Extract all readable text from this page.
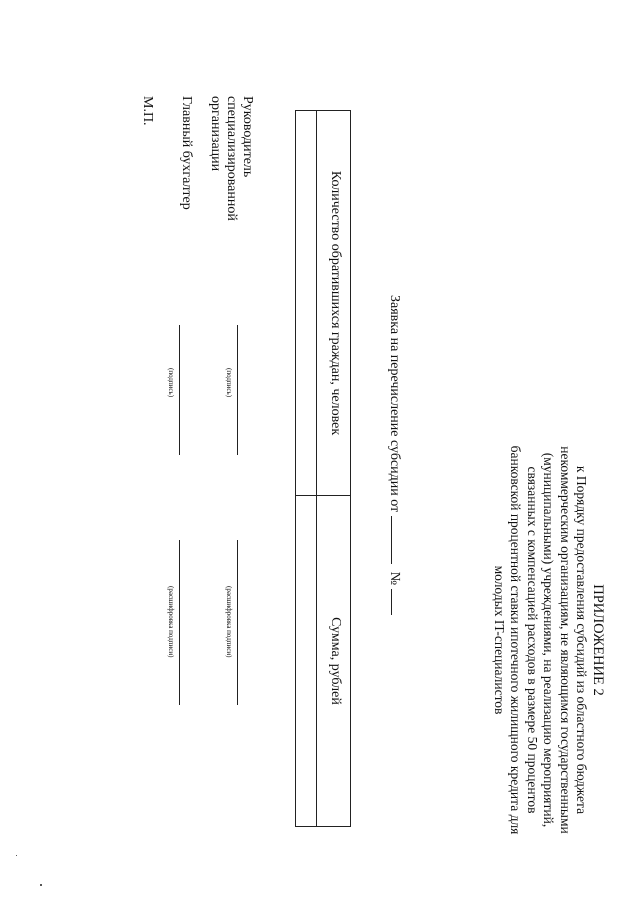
ПРИЛОЖЕНИЕ 2
к Порядку предоставления субсидий из областного бюджета некоммерческим организациям, не являющимся государственными (муниципальными) учреждениями, на реализацию мероприятий, связанных с компенсацией расходов в размере 50 процентов банковской процентной ставки ипотечного жилищного кредита для молодых IT-специалистов
Заявка на перечисление субсидии от №
Количество обратившихся граждан, человек	Сумма, рублей

Руководитель специализированной организации
(подпись)
(расшифровка подписи)
Главный бухгалтер
(подпись)
(расшифровка подписи)
М.П.
